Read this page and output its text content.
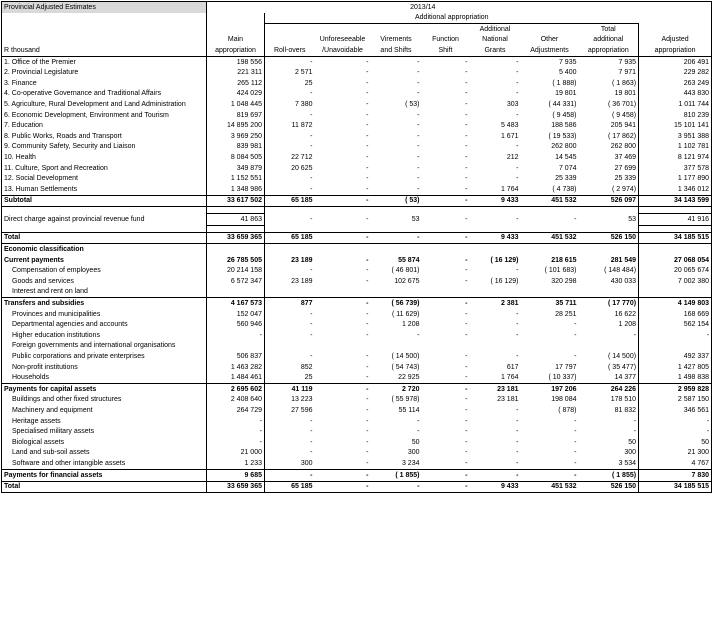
Provincial Adjusted Estimates	2013/14								
		Additional appropriation							
						Additional		Total	
	Main		Unforeseeable	Virements	Function	National	Other	additional	Adjusted
R thousand	appropriation	Roll-overs	/Unavoidable	and Shifts	Shift	Grants	Adjustments	appropriation	appropriation
1. Office of the Premier	198 556	-	-	-	-	-	7 935	7 935	206 491
2. Provincial Legislature	221 311	2 571	-	-	-	-	5 400	7 971	229 282
3. Finance	265 112	25	-	-	-	-	( 1 888)	( 1 863)	263 249
4. Co-operative Governance and Traditional Affairs	424 029	-	-	-	-	-	19 801	19 801	443 830
5. Agriculture, Rural Development and Land Administration	1 048 445	7 380	-	( 53)	-	303	( 44 331)	( 36 701)	1 011 744
6. Economic Development, Environment and Tourism	819 697	-	-	-	-	-	( 9 458)	( 9 458)	810 239
7. Education	14 895 200	11 872	-	-	-	5 483	188 586	205 941	15 101 141
8. Public Works, Roads and Transport	3 969 250	-	-	-	-	1 671	( 19 533)	( 17 862)	3 951 388
9. Community Safety, Security and Liaison	839 981	-	-	-	-	-	262 800	262 800	1 102 781
10. Health	8 084 505	22 712	-	-	-	212	14 545	37 469	8 121 974
11. Culture, Sport and Recreation	349 879	20 625	-	-	-	-	7 074	27 699	377 578
12. Social Development	1 152 551	-	-	-	-	-	25 339	25 339	1 177 890
13. Human Settlements	1 348 986	-	-	-	-	1 764	( 4 738)	( 2 974)	1 346 012
Subtotal	33 617 502	65 185	-	( 53)	-	9 433	451 532	526 097	34 143 599

Direct charge against provincial revenue fund	41 863	-	-	53	-	-	-	53	41 916

Total	33 659 365	65 185	-	-	-	9 433	451 532	526 150	34 185 515
Economic classification									
Current payments	26 785 505	23 189	-	55 874	-	( 16 129)	218 615	281 549	27 068 054
Compensation of employees	20 214 158	-	-	( 46 801)	-	-	( 101 683)	( 148 484)	20 065 674
Goods and services	6 572 347	23 189	-	102 675	-	( 16 129)	320 298	430 033	7 002 380
Interest and rent on land									
Transfers and subsidies	4 167 573	877	-	( 56 739)	-	2 381	35 711	( 17 770)	4 149 803
Provinces and municipalities	152 047	-	-	( 11 629)	-	-	28 251	16 622	168 669
Departmental agencies and accounts	560 946	-	-	1 208	-	-	-	1 208	562 154
Higher education institutions	-	-	-	-	-	-	-	-	-
Foreign governments and international organisations									
Public corporations and private enterprises	506 837	-	-	( 14 500)	-	-	-	( 14 500)	492 337
Non-profit institutions	1 463 282	852	-	( 54 743)	-	617	17 797	( 35 477)	1 427 805
Households	1 484 461	25	-	22 925	-	1 764	( 10 337)	14 377	1 498 838
Payments for capital assets	2 695 602	41 119	-	2 720	-	23 181	197 206	264 226	2 959 828
Buildings and other fixed structures	2 408 640	13 223	-	( 55 978)	-	23 181	198 084	178 510	2 587 150
Machinery and equipment	264 729	27 596	-	55 114	-	-	( 878)	81 832	346 561
Heritage assets	-	-	-	-	-	-	-	-	-
Specialised military assets	-	-	-	-	-	-	-	-	-
Biological assets	-	-	-	50	-	-	-	50	50
Land and sub-soil assets	21 000	-	-	300	-	-	-	300	21 300
Software and other intangible assets	1 233	300	-	3 234	-	-	-	3 534	4 767
Payments for financial assets	9 685	-	-	( 1 855)	-	-	-	( 1 855)	7 830
Total	33 659 365	65 185	-	-	-	9 433	451 532	526 150	34 185 515
